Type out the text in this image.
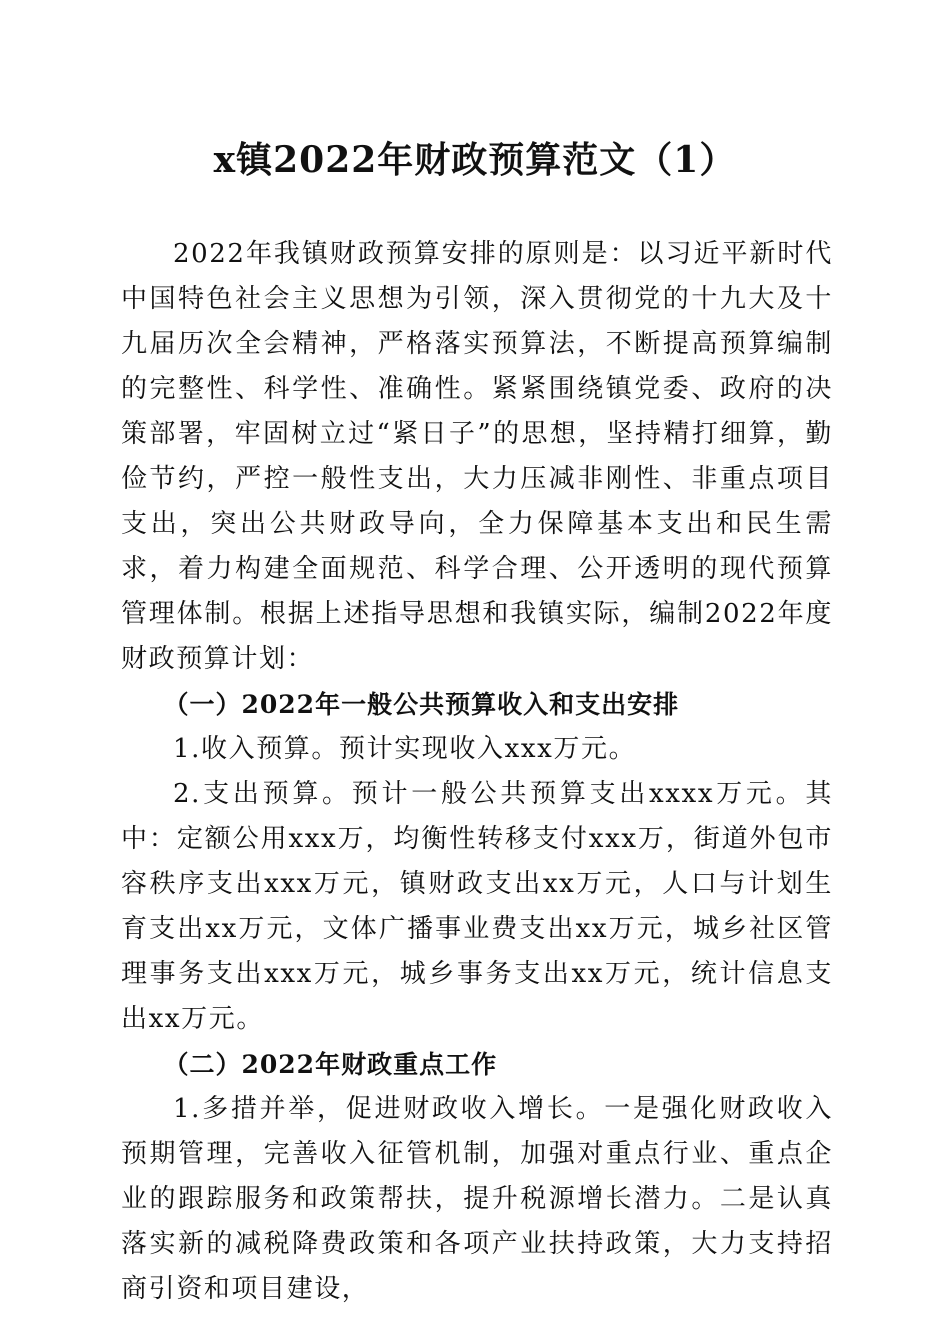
x镇2022年财政预算范文（1）

2022年我镇财政预算安排的原则是：以习近平新时代中国特色社会主义思想为引领，深入贯彻党的十九大及十九届历次全会精神，严格落实预算法，不断提高预算编制的完整性、科学性、准确性。紧紧围绕镇党委、政府的决策部署，牢固树立过“紧日子”的思想，坚持精打细算，勤俭节约，严控一般性支出，大力压减非刚性、非重点项目支出，突出公共财政导向，全力保障基本支出和民生需求，着力构建全面规范、科学合理、公开透明的现代预算管理体制。根据上述指导思想和我镇实际，编制2022年度财政预算计划：

（一）2022年一般公共预算收入和支出安排

1.收入预算。预计实现收入xxx万元。

2.支出预算。预计一般公共预算支出xxxx万元。其中：定额公用xxx万，均衡性转移支付xxx万，街道外包市容秩序支出xxx万元，镇财政支出xx万元，人口与计划生育支出xx万元，文体广播事业费支出xx万元，城乡社区管理事务支出xxx万元，城乡事务支出xx万元，统计信息支出xx万元。

（二）2022年财政重点工作

1.多措并举，促进财政收入增长。一是强化财政收入预期管理，完善收入征管机制，加强对重点行业、重点企业的跟踪服务和政策帮扶，提升税源增长潜力。二是认真落实新的减税降费政策和各项产业扶持政策，大力支持招商引资和项目建设，
